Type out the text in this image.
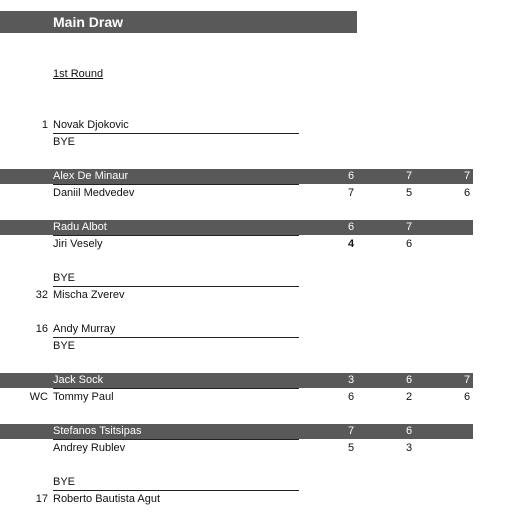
Main Draw
1st Round
1 Novak Djokovic
BYE
Alex De Minaur	6	7	7
Daniil Medvedev	7	5	6
Radu Albot	6	7
Jiri Vesely	4	6
BYE
32 Mischa Zverev
16 Andy Murray
BYE
Jack Sock	3	6	7
WC Tommy Paul	6	2	6
Stefanos Tsitsipas	7	6
Andrey Rublev	5	3
BYE
17 Roberto Bautista Agut
